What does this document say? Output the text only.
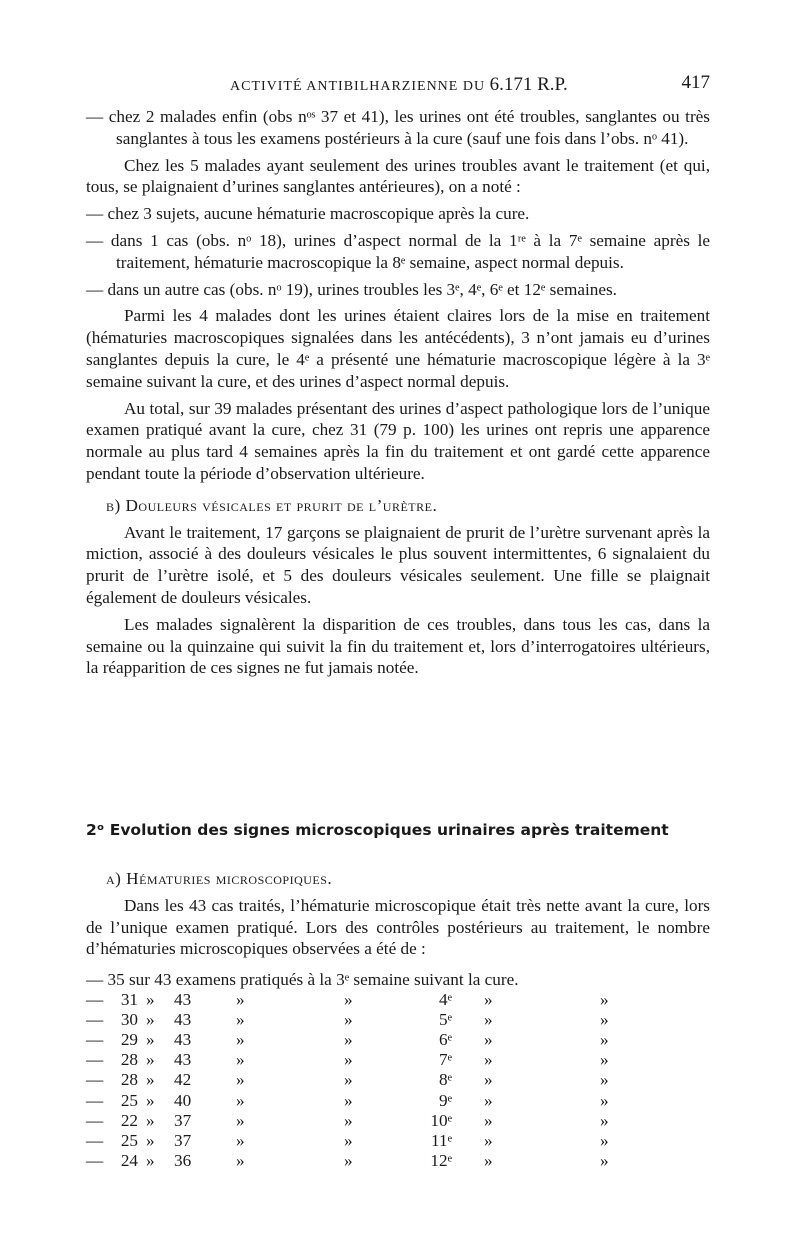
ACTIVITÉ ANTIBILHARZIENNE DU 6.171 R.P.	417

— chez 2 malades enfin (obs nᵒˢ 37 et 41), les urines ont été troubles, sanglantes ou très sanglantes à tous les examens postérieurs à la cure (sauf une fois dans l’obs. nᵒ 41).

Chez les 5 malades ayant seulement des urines troubles avant le traitement (et qui, tous, se plaignaient d’urines sanglantes antérieures), on a noté :

— chez 3 sujets, aucune hématurie macroscopique après la cure.

— dans 1 cas (obs. nᵒ 18), urines d’aspect normal de la 1ʳᵉ à la 7ᵉ semaine après le traitement, hématurie macroscopique la 8ᵉ semaine, aspect normal depuis.

— dans un autre cas (obs. nᵒ 19), urines troubles les 3ᵉ, 4ᵉ, 6ᵉ et 12ᵉ semaines.

Parmi les 4 malades dont les urines étaient claires lors de la mise en traitement (hématuries macroscopiques signalées dans les antécédents), 3 n’ont jamais eu d’urines sanglantes depuis la cure, le 4ᵉ a présenté une hématurie macroscopique légère à la 3ᵉ semaine suivant la cure, et des urines d’aspect normal depuis.

Au total, sur 39 malades présentant des urines d’aspect pathologique lors de l’unique examen pratiqué avant la cure, chez 31 (79 p. 100) les urines ont repris une apparence normale au plus tard 4 semaines après la fin du traitement et ont gardé cette apparence pendant toute la période d’observation ultérieure.

b) Douleurs vésicales et prurit de l’urètre.

Avant le traitement, 17 garçons se plaignaient de prurit de l’urètre survenant après la miction, associé à des douleurs vésicales le plus souvent intermittentes, 6 signalaient du prurit de l’urètre isolé, et 5 des douleurs vésicales seulement. Une fille se plaignait également de douleurs vésicales.

Les malades signalèrent la disparition de ces troubles, dans tous les cas, dans la semaine ou la quinzaine qui suivit la fin du traitement et, lors d’interrogatoires ultérieurs, la réapparition de ces signes ne fut jamais notée.

2ᵒ Evolution des signes microscopiques urinaires après traitement

a) Hématuries microscopiques.

Dans les 43 cas traités, l’hématurie microscopique était très nette avant la cure, lors de l’unique examen pratiqué. Lors des contrôles postérieurs au traitement, le nombre d’hématuries microscopiques observées a été de :

— 35 sur 43 examens pratiqués à la 3ᵉ semaine suivant la cure.
—	31 » 43	»	»	4ᵉ »	»
—	30 » 43	»	»	5ᵉ »	»
—	29 » 43	»	»	6ᵉ »	»
—	28 » 43	»	»	7ᵉ »	»
—	28 » 42	»	»	8ᵉ »	»
—	25 » 40	»	»	9ᵉ »	»
—	22 » 37	»	»	10ᵉ »	»
—	25 » 37	»	»	11ᵉ »	»
—	24 » 36	»	»	12ᵉ »	»
